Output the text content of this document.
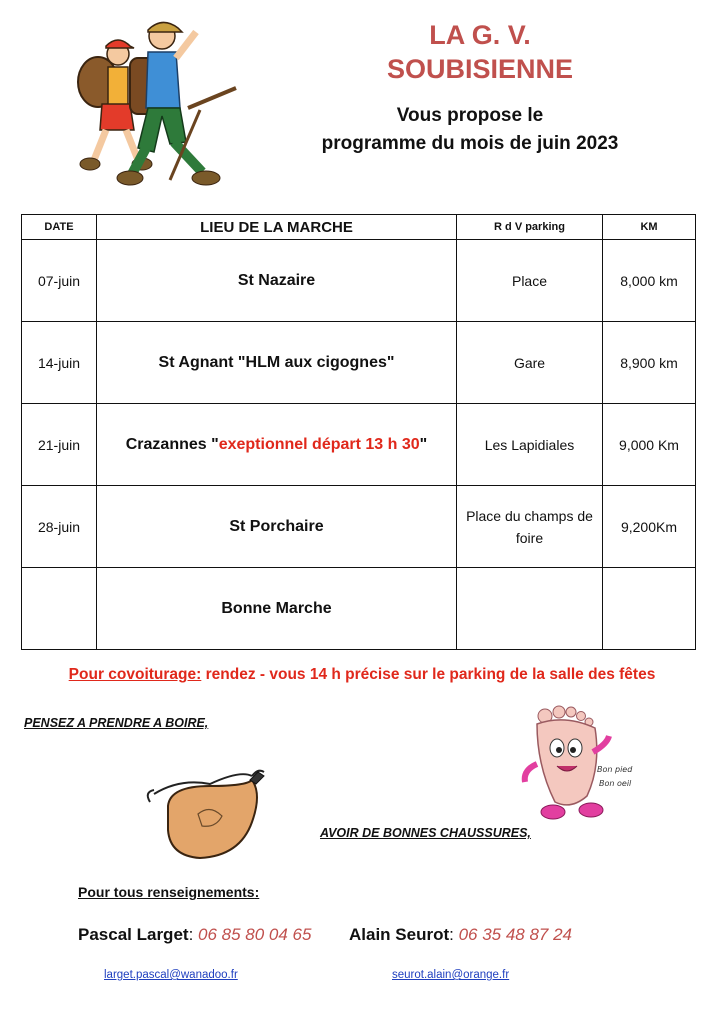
LA G. V.
SOUBISIENNE
Vous propose le
programme du mois de juin 2023
DATE	LIEU DE LA MARCHE	R d V parking	KM
07-juin	St Nazaire	Place	8,000 km
14-juin	St Agnant "HLM aux cigognes"	Gare	8,900 km
21-juin	Crazannes "exeptionnel départ 13 h 30"	Les Lapidiales	9,000 Km
28-juin	St Porchaire	Place du champs de foire	9,200Km
	Bonne Marche		
Pour covoiturage: rendez - vous 14 h précise sur le parking de la salle des fêtes
PENSEZ A PRENDRE A BOIRE,
Bon pied
Bon oeil
AVOIR DE BONNES CHAUSSURES,
Pour tous renseignements:
Pascal Larget: 06 85 80 04 65 Alain Seurot: 06 35 48 87 24
larget.pascal@wanadoo.fr	seurot.alain@orange.fr
